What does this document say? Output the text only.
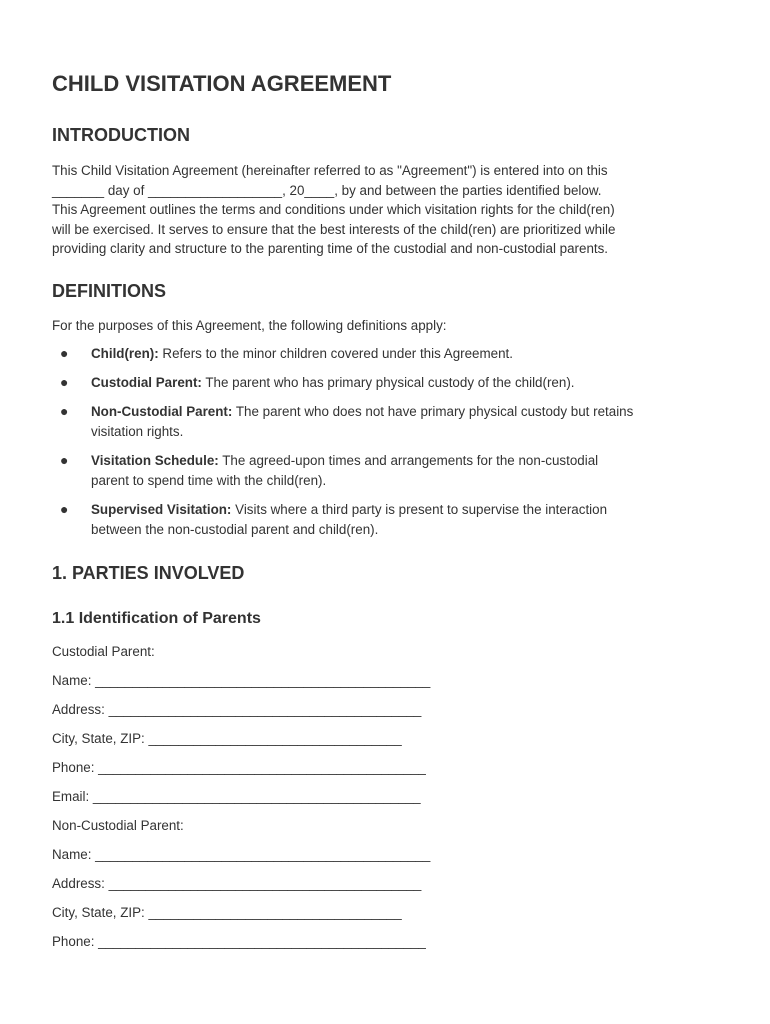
CHILD VISITATION AGREEMENT
INTRODUCTION
This Child Visitation Agreement (hereinafter referred to as "Agreement") is entered into on this
_______ day of __________________, 20____, by and between the parties identified below.
This Agreement outlines the terms and conditions under which visitation rights for the child(ren)
will be exercised. It serves to ensure that the best interests of the child(ren) are prioritized while
providing clarity and structure to the parenting time of the custodial and non-custodial parents.
DEFINITIONS

For the purposes of this Agreement, the following definitions apply:

● Child(ren): Refers to the minor children covered under this Agreement.
● Custodial Parent: The parent who has primary physical custody of the child(ren).
● Non-Custodial Parent: The parent who does not have primary physical custody but retains
visitation rights.
● Visitation Schedule: The agreed-upon times and arrangements for the non-custodial
parent to spend time with the child(ren).
● Supervised Visitation: Visits where a third party is present to supervise the interaction
between the non-custodial parent and child(ren).
1. PARTIES INVOLVED
1.1 Identification of Parents

Custodial Parent:

Name: _____________________________________________

Address: __________________________________________

City, State, ZIP: __________________________________

Phone: ____________________________________________

Email: ____________________________________________

Non-Custodial Parent:

Name: _____________________________________________

Address: __________________________________________

City, State, ZIP: __________________________________

Phone: ____________________________________________
